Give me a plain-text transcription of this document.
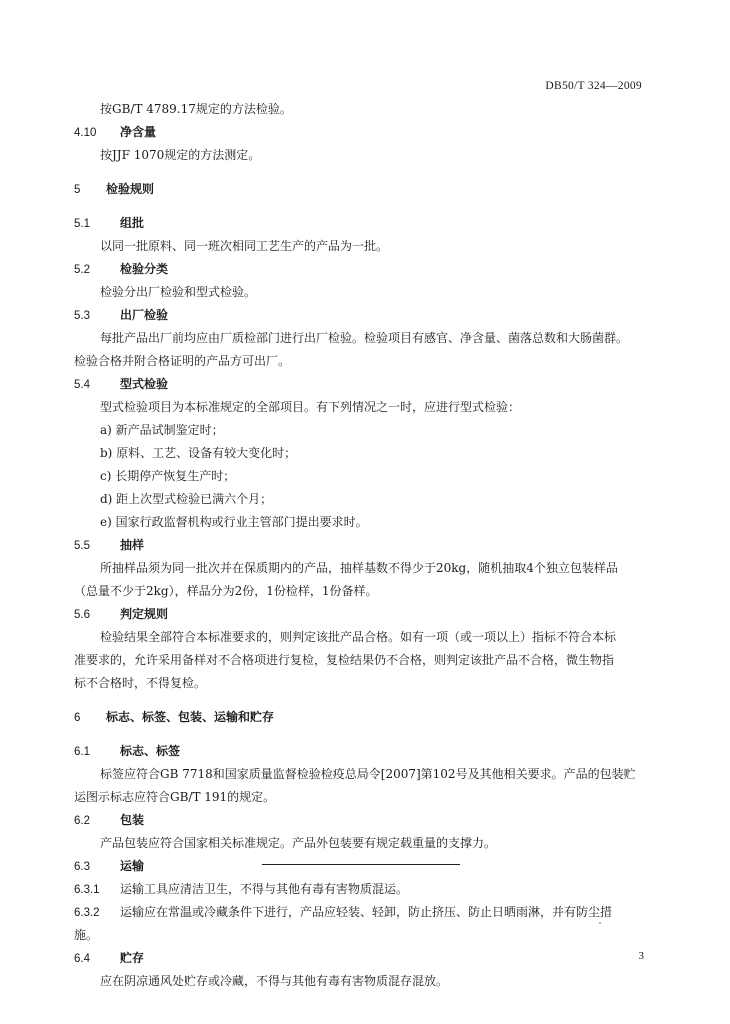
DB50/T 324—2009
按GB/T 4789.17规定的方法检验。
4.10 净含量
按JJF 1070规定的方法测定。
5 检验规则
5.1	组批
以同一批原料、同一班次相同工艺生产的产品为一批。
5.2	检验分类
检验分出厂检验和型式检验。
5.3	出厂检验
每批产品出厂前均应由厂质检部门进行出厂检验。检验项目有感官、净含量、菌落总数和大肠菌群。
检验合格并附合格证明的产品方可出厂。
5.4	型式检验
型式检验项目为本标准规定的全部项目。有下列情况之一时，应进行型式检验：
a) 新产品试制鉴定时；
b) 原料、工艺、设备有较大变化时；
c) 长期停产恢复生产时；
d) 距上次型式检验已满六个月；
e) 国家行政监督机构或行业主管部门提出要求时。
5.5	抽样
所抽样品须为同一批次并在保质期内的产品，抽样基数不得少于20kg，随机抽取4个独立包装样品
（总量不少于2kg），样品分为2份，1份检样，1份备样。
5.6	判定规则
检验结果全部符合本标准要求的，则判定该批产品合格。如有一项（或一项以上）指标不符合本标
准要求的，允许采用备样对不合格项进行复检，复检结果仍不合格，则判定该批产品不合格，微生物指
标不合格时，不得复检。
6 标志、标签、包装、运输和贮存
6.1	标志、标签
标签应符合GB 7718和国家质量监督检验检疫总局令[2007]第102号及其他相关要求。产品的包装贮
运图示标志应符合GB/T 191的规定。
6.2	包装
产品包装应符合国家相关标准规定。产品外包装要有规定载重量的支撑力。
6.3	运输
6.3.1 运输工具应清洁卫生，不得与其他有毒有害物质混运。
6.3.2 运输应在常温或冷藏条件下进行，产品应轻装、轻卸，防止挤压、防止日晒雨淋，并有防尘措
施。
6.4	贮存
应在阴凉通风处贮存或冷藏，不得与其他有毒有害物质混存混放。
3
